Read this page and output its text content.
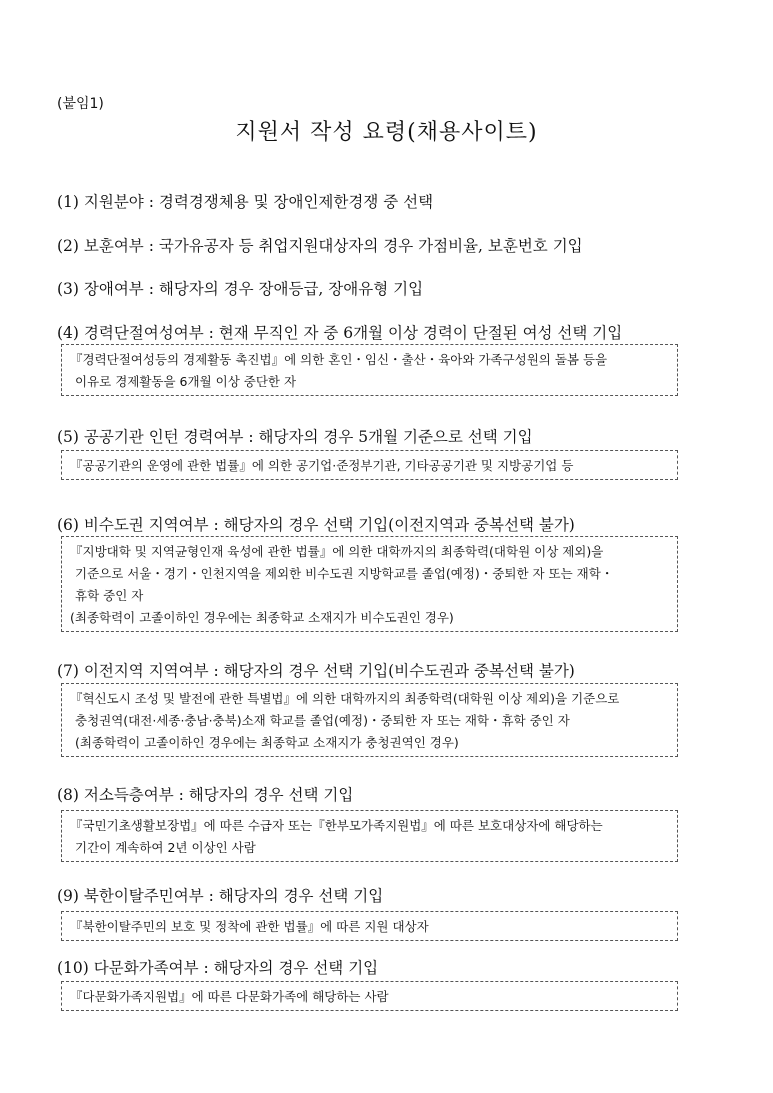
(붙임1)
지원서 작성 요령(채용사이트)
(1) 지원분야 : 경력경쟁체용 및 장애인제한경쟁 중 선택
(2) 보훈여부 : 국가유공자 등 취업지원대상자의 경우 가점비율, 보훈번호 기입
(3) 장애여부 : 해당자의 경우 장애등급, 장애유형 기입
(4) 경력단절여성여부 : 현재 무직인 자 중 6개월 이상 경력이 단절된 여성 선택 기입
『경력단절여성등의 경제활동 촉진법』에 의한 혼인・임신・출산・육아와 가족구성원의 돌봄 등을
이유로 경제활동을 6개월 이상 중단한 자
(5) 공공기관 인턴 경력여부 : 해당자의 경우 5개월 기준으로 선택 기입
『공공기관의 운영에 관한 법률』에 의한 공기업·준정부기관, 기타공공기관 및 지방공기업 등
(6) 비수도권 지역여부 : 해당자의 경우 선택 기입(이전지역과 중복선택 불가)
『지방대학 및 지역균형인재 육성에 관한 법률』에 의한 대학까지의 최종학력(대학원 이상 제외)을
기준으로 서울・경기・인천지역을 제외한 비수도권 지방학교를 졸업(예정)・중퇴한 자 또는 재학・
휴학 중인 자
(최종학력이 고졸이하인 경우에는 최종학교 소재지가 비수도권인 경우)
(7) 이전지역 지역여부 : 해당자의 경우 선택 기입(비수도권과 중복선택 불가)
『혁신도시 조성 및 발전에 관한 특별법』에 의한 대학까지의 최종학력(대학원 이상 제외)을 기준으로
충청권역(대전·세종·충남·충북)소재 학교를 졸업(예정)・중퇴한 자 또는 재학・휴학 중인 자
(최종학력이 고졸이하인 경우에는 최종학교 소재지가 충청권역인 경우)
(8) 저소득층여부 : 해당자의 경우 선택 기입
『국민기초생활보장법』에 따른 수급자 또는『한부모가족지원법』에 따른 보호대상자에 해당하는
기간이 계속하여 2년 이상인 사람
(9) 북한이탈주민여부 : 해당자의 경우 선택 기입
『북한이탈주민의 보호 및 정착에 관한 법률』에 따른 지원 대상자
(10) 다문화가족여부 : 해당자의 경우 선택 기입
『다문화가족지원법』에 따른 다문화가족에 해당하는 사람
